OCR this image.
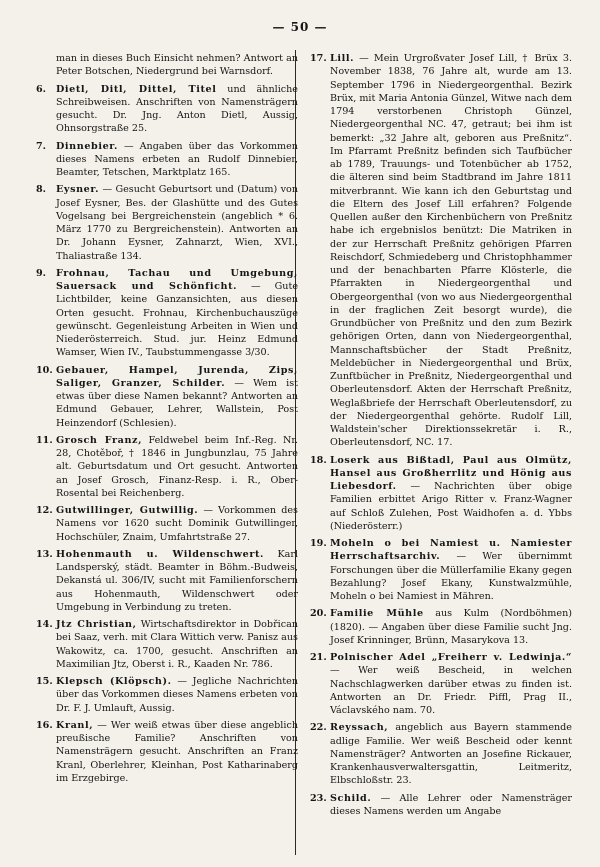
— 50 —
man in dieses Buch Einsicht nehmen? Antwort an Peter Botschen, Niedergrund bei Warnsdorf.
6.	Dietl, Ditl, Dittel, Titel und ähnliche Schreibweisen. Anschriften von Namensträgern gesucht. Dr. Jng. Anton Dietl, Aussig, Ohnsorgstraße 25.
7.	Dinnebier. — Angaben über das Vorkommen dieses Namens erbeten an Rudolf Dinnebier, Beamter, Tetschen, Marktplatz 165.
8.	Eysner. — Gesucht Geburtsort und (Datum) von Josef Eysner, Bes. der Glashütte und des Gutes Vogelsang bei Bergreichenstein (angeblich * 6. März 1770 zu Bergreichenstein). Antworten an Dr. Johann Eysner, Zahnarzt, Wien, XVI., Thaliastraße 134.
9.	Frohnau, Tachau und Umgebung, Sauersack und Schönficht. — Gute Lichtbilder, keine Ganzansichten, aus diesen Orten gesucht. Frohnau, Kirchenbuchauszüge gewünscht. Gegenleistung Arbeiten in Wien und Niederösterreich. Stud. jur. Heinz Edmund Wamser, Wien IV., Taubstummengasse 3/30.
10. Gebauer, Hampel, Jurenda, Zips, Saliger, Granzer, Schilder. — Wem ist etwas über diese Namen bekannt? Antworten an Edmund Gebauer, Lehrer, Wallstein, Post Heinzendorf (Schlesien).
11. Grosch Franz, Feldwebel beim Inf.-Reg. Nr. 28, Chotěboř, † 1846 in Jungbunzlau, 75 Jahre alt. Geburtsdatum und Ort gesucht. Antworten an Josef Grosch, Finanz-Resp. i. R., Ober-Rosental bei Reichenberg.
12. Gutwillinger, Gutwillig. — Vorkommen des Namens vor 1620 sucht Dominik Gutwillinger, Hochschüler, Znaim, Umfahrtstraße 27.
13. Hohenmauth u. Wildenschwert. Karl Landsperský, städt. Beamter in Böhm.-Budweis, Dekanstá ul. 306/IV, sucht mit Familienforschern aus Hohenmauth, Wildenschwert oder Umgebung in Verbindung zu treten.
14. Jtz Christian, Wirtschaftsdirektor in Dobřican bei Saaz, verh. mit Clara Wittich verw. Panisz aus Wakowitz, ca. 1700, gesucht. Anschriften an Maximilian Jtz, Oberst i. R., Kaaden Nr. 786.
15. Klepsch (Klöpsch). — Jegliche Nachrichten über das Vorkommen dieses Namens erbeten von Dr. F. J. Umlauft, Aussig.
16. Kranl, — Wer weiß etwas über diese angeblich preußische Familie? Anschriften von Namensträgern gesucht. Anschriften an Franz Kranl, Oberlehrer, Kleinhan, Post Katharinaberg im Erzgebirge.
17. Lill. — Mein Urgroßvater Josef Lill, † Brüx 3. November 1838, 76 Jahre alt, wurde am 13. September 1796 in Niedergeorgenthal. Bezirk Brüx, mit Maria Antonia Günzel, Witwe nach dem 1794 verstorbenen Christoph Günzel, Niedergeorgenthal NC. 47, getraut; bei ihm ist bemerkt: „32 Jahre alt, geboren aus Preßnitz“. Im Pfarramt Preßnitz befinden sich Taufbücher ab 1789, Trauungs- und Totenbücher ab 1752, die älteren sind beim Stadtbrand im Jahre 1811 mitverbrannt. Wie kann ich den Geburtstag und die Eltern des Josef Lill erfahren? Folgende Quellen außer den Kirchenbüchern von Preßnitz habe ich ergebnislos benützt: Die Matriken in der zur Herrschaft Preßnitz gehörigen Pfarren Reischdorf, Schmiedeberg und Christophhammer und der benachbarten Pfarre Klösterle, die Pfarrakten in Niedergeorgenthal und Obergeorgenthal (von wo aus Niedergeorgenthal in der fraglichen Zeit besorgt wurde), die Grundbücher von Preßnitz und den zum Bezirk gehörigen Orten, dann von Niedergeorgenthal, Mannschaftsbücher der Stadt Preßnitz, Meldebücher in Niedergeorgenthal und Brüx, Zunftbücher in Preßnitz, Niedergeorgenthal und Oberleutensdorf. Akten der Herrschaft Preßnitz, Weglaßbriefe der Herrschaft Oberleutensdorf, zu der Niedergeorgenthal gehörte. Rudolf Lill, Waldstein'scher Direktionssekretär i. R., Oberleutensdorf, NC. 17.
18. Loserk aus Bißtadl, Paul aus Olmütz, Hansel aus Großherrlitz und Hönig aus Liebesdorf. — Nachrichten über obige Familien erbittet Arigo Ritter v. Franz-Wagner auf Schloß Zulehen, Post Waidhofen a. d. Ybbs (Niederösterr.)
19. Moheln o bei Namiest u. Namiester Herrschaftsarchiv. — Wer übernimmt Forschungen über die Müllerfamilie Ekany gegen Bezahlung? Josef Ekany, Kunstwalzmühle, Moheln o bei Namiest in Mähren.
20. Familie Mühle aus Kulm (Nordböhmen) (1820). — Angaben über diese Familie sucht Jng. Josef Krinninger, Brünn, Masarykova 13.
21. Polnischer Adel „Freiherr v. Ledwinja.“ — Wer weiß Bescheid, in welchen Nachschlagwerken darüber etwas zu finden ist. Antworten an Dr. Friedr. Piffl, Prag II., Václavského nam. 70.
22. Reyssach, angeblich aus Bayern stammende adlige Familie. Wer weiß Bescheid oder kennt Namensträger? Antworten an Josefine Rickauer, Krankenhausverwaltersgattin, Leitmeritz, Elbschloßstr. 23.
23. Schild. — Alle Lehrer oder Namensträger dieses Namens werden um Angabe
